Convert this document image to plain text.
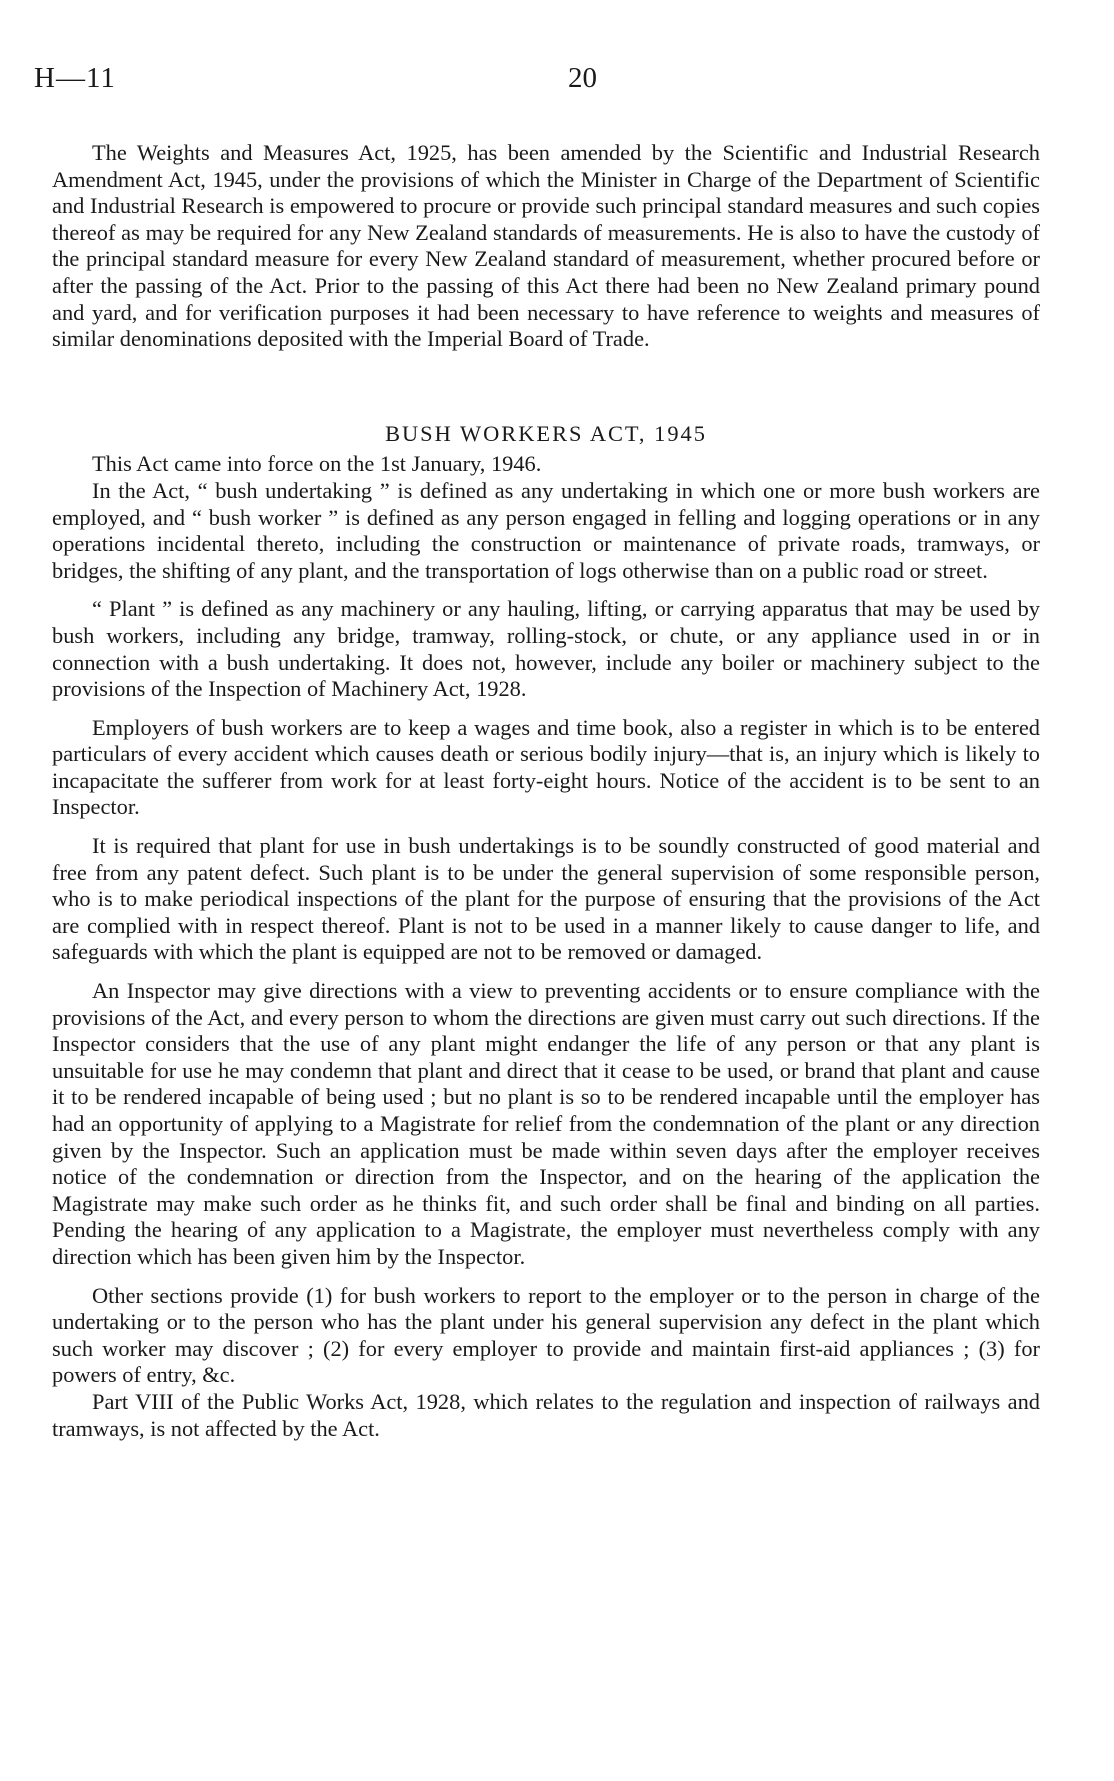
H—11	20

The Weights and Measures Act, 1925, has been amended by the Scientific and Industrial Research Amendment Act, 1945, under the provisions of which the Minister in Charge of the Department of Scientific and Industrial Research is empowered to procure or provide such principal standard measures and such copies thereof as may be required for any New Zealand standards of measurements. He is also to have the custody of the principal standard measure for every New Zealand standard of measurement, whether procured before or after the passing of the Act. Prior to the passing of this Act there had been no New Zealand primary pound and yard, and for verification purposes it had been necessary to have reference to weights and measures of similar denominations deposited with the Imperial Board of Trade.

BUSH WORKERS ACT, 1945

This Act came into force on the 1st January, 1946.

In the Act, “ bush undertaking ” is defined as any undertaking in which one or more bush workers are employed, and “ bush worker ” is defined as any person engaged in felling and logging operations or in any operations incidental thereto, including the construction or maintenance of private roads, tramways, or bridges, the shifting of any plant, and the transportation of logs otherwise than on a public road or street.

“ Plant ” is defined as any machinery or any hauling, lifting, or carrying apparatus that may be used by bush workers, including any bridge, tramway, rolling-stock, or chute, or any appliance used in or in connection with a bush undertaking. It does not, however, include any boiler or machinery subject to the provisions of the Inspection of Machinery Act, 1928.

Employers of bush workers are to keep a wages and time book, also a register in which is to be entered particulars of every accident which causes death or serious bodily injury—that is, an injury which is likely to incapacitate the sufferer from work for at least forty-eight hours. Notice of the accident is to be sent to an Inspector.

It is required that plant for use in bush undertakings is to be soundly constructed of good material and free from any patent defect. Such plant is to be under the general supervision of some responsible person, who is to make periodical inspections of the plant for the purpose of ensuring that the provisions of the Act are complied with in respect thereof. Plant is not to be used in a manner likely to cause danger to life, and safeguards with which the plant is equipped are not to be removed or damaged.

An Inspector may give directions with a view to preventing accidents or to ensure compliance with the provisions of the Act, and every person to whom the directions are given must carry out such directions. If the Inspector considers that the use of any plant might endanger the life of any person or that any plant is unsuitable for use he may condemn that plant and direct that it cease to be used, or brand that plant and cause it to be rendered incapable of being used ; but no plant is so to be rendered incapable until the employer has had an opportunity of applying to a Magistrate for relief from the condemnation of the plant or any direction given by the Inspector. Such an application must be made within seven days after the employer receives notice of the condemnation or direction from the Inspector, and on the hearing of the application the Magistrate may make such order as he thinks fit, and such order shall be final and binding on all parties. Pending the hearing of any application to a Magistrate, the employer must nevertheless comply with any direction which has been given him by the Inspector.

Other sections provide (1) for bush workers to report to the employer or to the person in charge of the undertaking or to the person who has the plant under his general supervision any defect in the plant which such worker may discover ; (2) for every employer to provide and maintain first-aid appliances ; (3) for powers of entry, &c.

Part VIII of the Public Works Act, 1928, which relates to the regulation and inspection of railways and tramways, is not affected by the Act.
